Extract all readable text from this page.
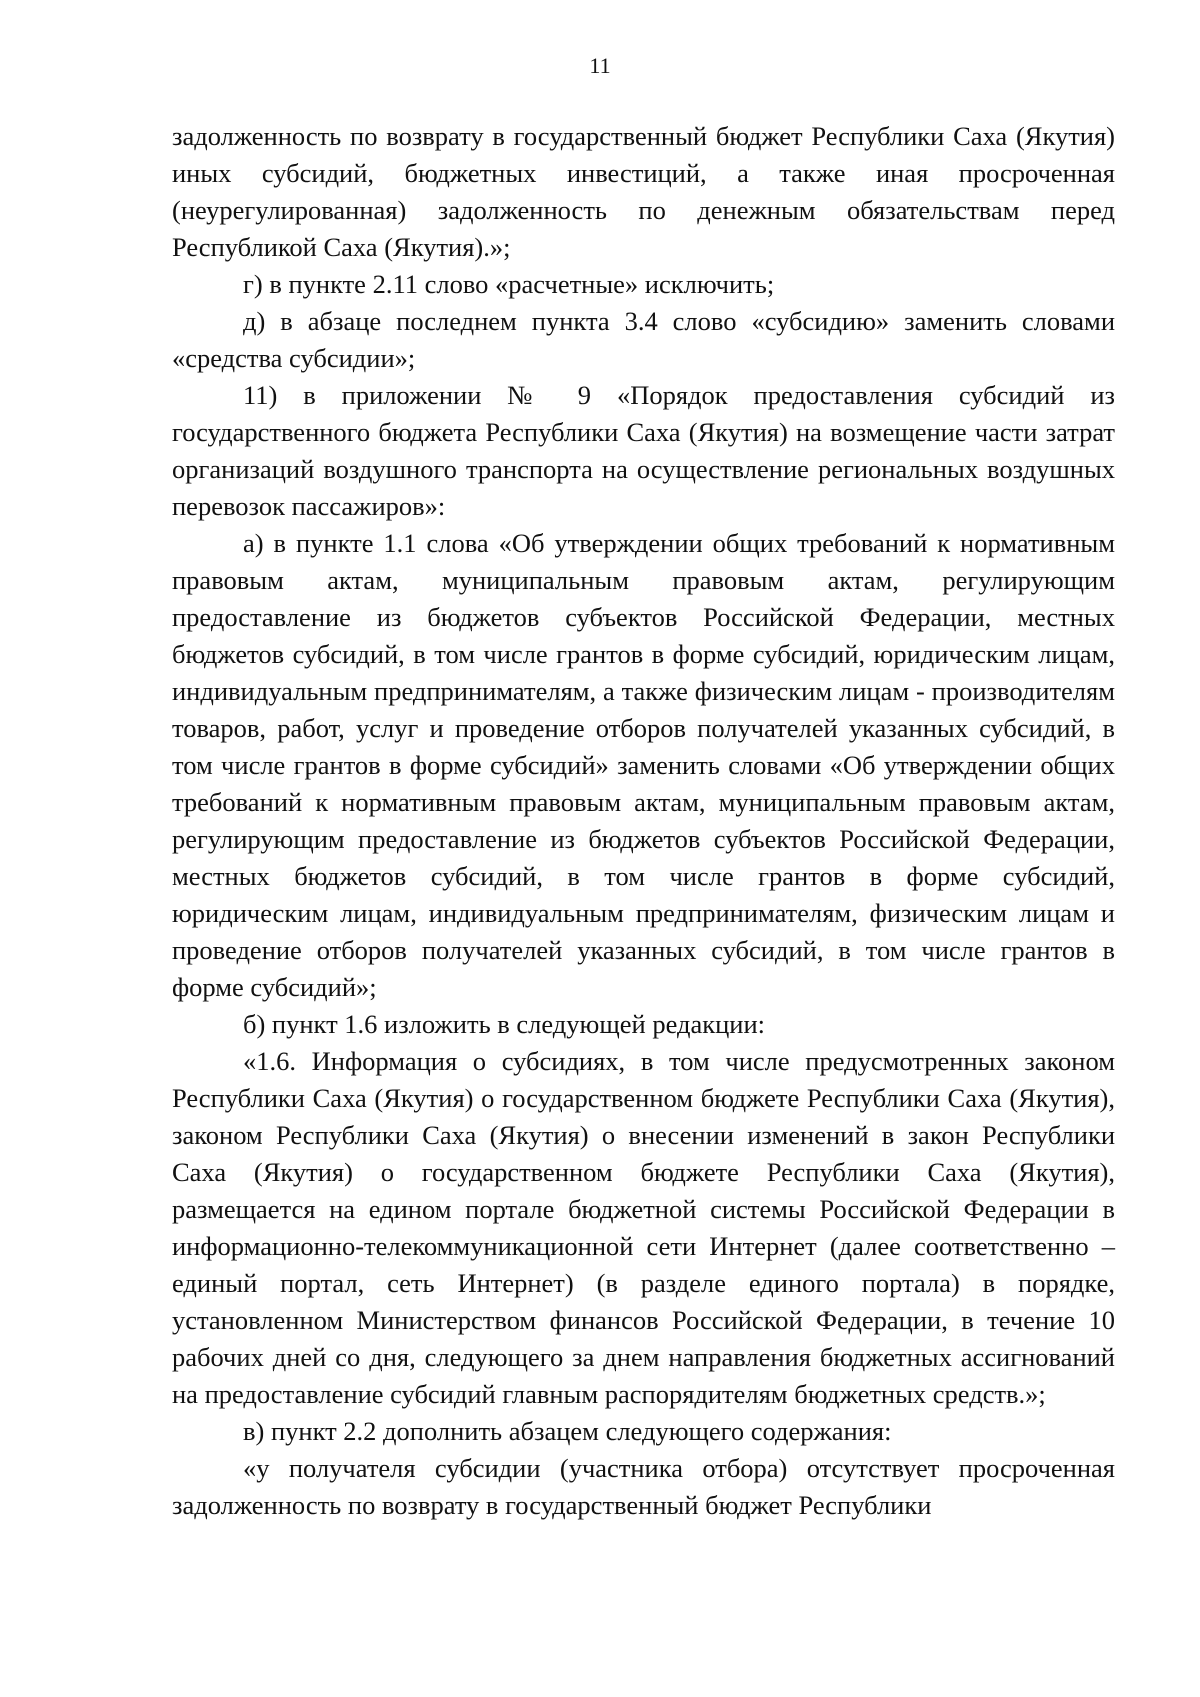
11

задолженность по возврату в государственный бюджет Республики Саха (Якутия) иных субсидий, бюджетных инвестиций, а также иная просроченная (неурегулированная) задолженность по денежным обязательствам перед Республикой Саха (Якутия).»;

г) в пункте 2.11 слово «расчетные» исключить;

д) в абзаце последнем пункта 3.4 слово «субсидию» заменить словами «средства субсидии»;

11) в приложении № 9 «Порядок предоставления субсидий из государственного бюджета Республики Саха (Якутия) на возмещение части затрат организаций воздушного транспорта на осуществление региональных воздушных перевозок пассажиров»:

а) в пункте 1.1 слова «Об утверждении общих требований к нормативным правовым актам, муниципальным правовым актам, регулирующим предоставление из бюджетов субъектов Российской Федерации, местных бюджетов субсидий, в том числе грантов в форме субсидий, юридическим лицам, индивидуальным предпринимателям, а также физическим лицам - производителям товаров, работ, услуг и проведение отборов получателей указанных субсидий, в том числе грантов в форме субсидий» заменить словами «Об утверждении общих требований к нормативным правовым актам, муниципальным правовым актам, регулирующим предоставление из бюджетов субъектов Российской Федерации, местных бюджетов субсидий, в том числе грантов в форме субсидий, юридическим лицам, индивидуальным предпринимателям, физическим лицам и проведение отборов получателей указанных субсидий, в том числе грантов в форме субсидий»;

б) пункт 1.6 изложить в следующей редакции:

«1.6. Информация о субсидиях, в том числе предусмотренных законом Республики Саха (Якутия) о государственном бюджете Республики Саха (Якутия), законом Республики Саха (Якутия) о внесении изменений в закон Республики Саха (Якутия) о государственном бюджете Республики Саха (Якутия), размещается на едином портале бюджетной системы Российской Федерации в информационно-телекоммуникационной сети Интернет (далее соответственно – единый портал, сеть Интернет) (в разделе единого портала) в порядке, установленном Министерством финансов Российской Федерации, в течение 10 рабочих дней со дня, следующего за днем направления бюджетных ассигнований на предоставление субсидий главным распорядителям бюджетных средств.»;

в) пункт 2.2 дополнить абзацем следующего содержания:

«у получателя субсидии (участника отбора) отсутствует просроченная задолженность по возврату в государственный бюджет Республики
